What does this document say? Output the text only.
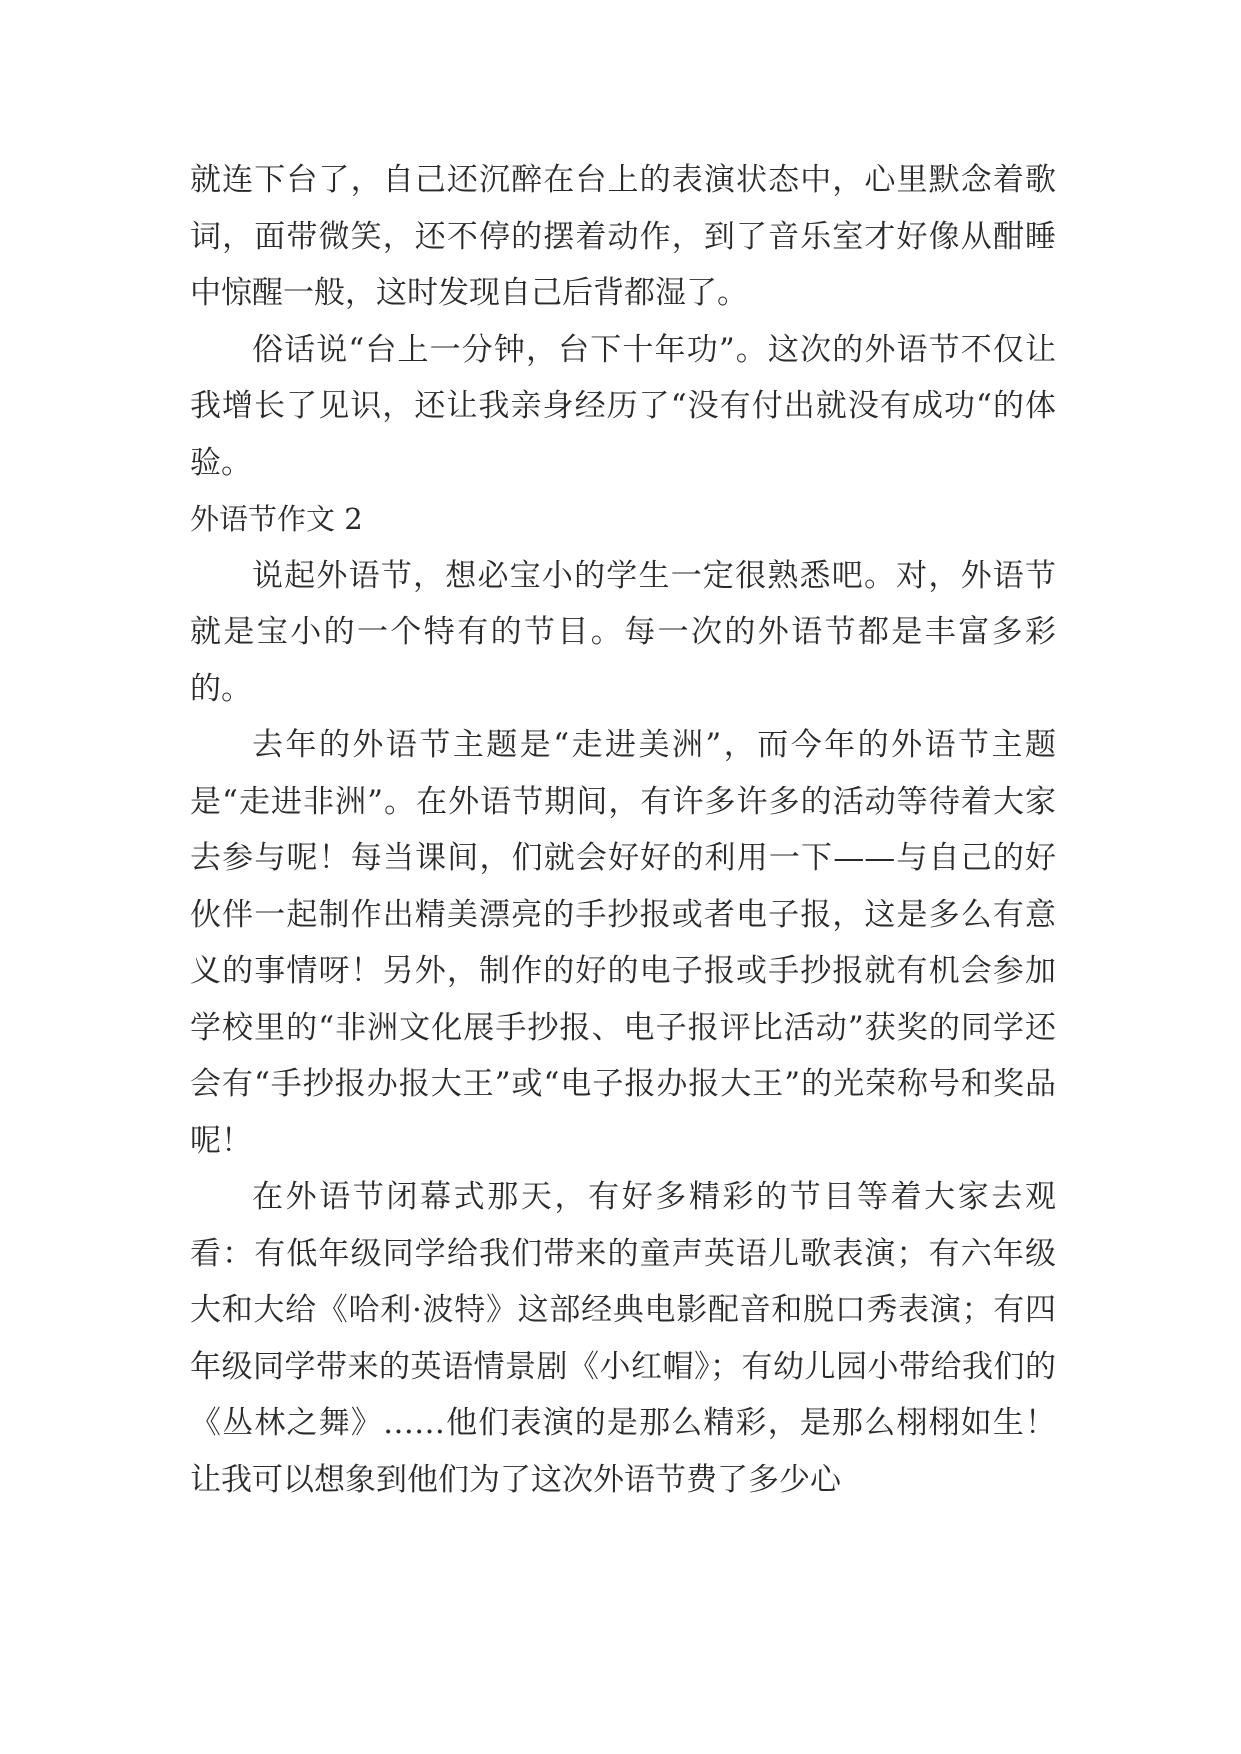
就连下台了，自己还沉醉在台上的表演状态中，心里默念着歌词，面带微笑，还不停的摆着动作，到了音乐室才好像从酣睡中惊醒一般，这时发现自己后背都湿了。

俗话说“台上一分钟，台下十年功”。这次的外语节不仅让我增长了见识，还让我亲身经历了“没有付出就没有成功“的体验。

外语节作文 2

说起外语节，想必宝小的学生一定很熟悉吧。对，外语节就是宝小的一个特有的节目。每一次的外语节都是丰富多彩的。

去年的外语节主题是“走进美洲”，而今年的外语节主题是“走进非洲”。在外语节期间，有许多许多的活动等待着大家去参与呢！每当课间，们就会好好的利用一下——与自己的好伙伴一起制作出精美漂亮的手抄报或者电子报，这是多么有意义的事情呀！另外，制作的好的电子报或手抄报就有机会参加学校里的“非洲文化展手抄报、电子报评比活动”获奖的同学还会有“手抄报办报大王”或“电子报办报大王”的光荣称号和奖品呢！

在外语节闭幕式那天，有好多精彩的节目等着大家去观看：有低年级同学给我们带来的童声英语儿歌表演；有六年级大和大给《哈利·波特》这部经典电影配音和脱口秀表演；有四年级同学带来的英语情景剧《小红帽》；有幼儿园小带给我们的《丛林之舞》……他们表演的是那么精彩，是那么栩栩如生！让我可以想象到他们为了这次外语节费了多少心
